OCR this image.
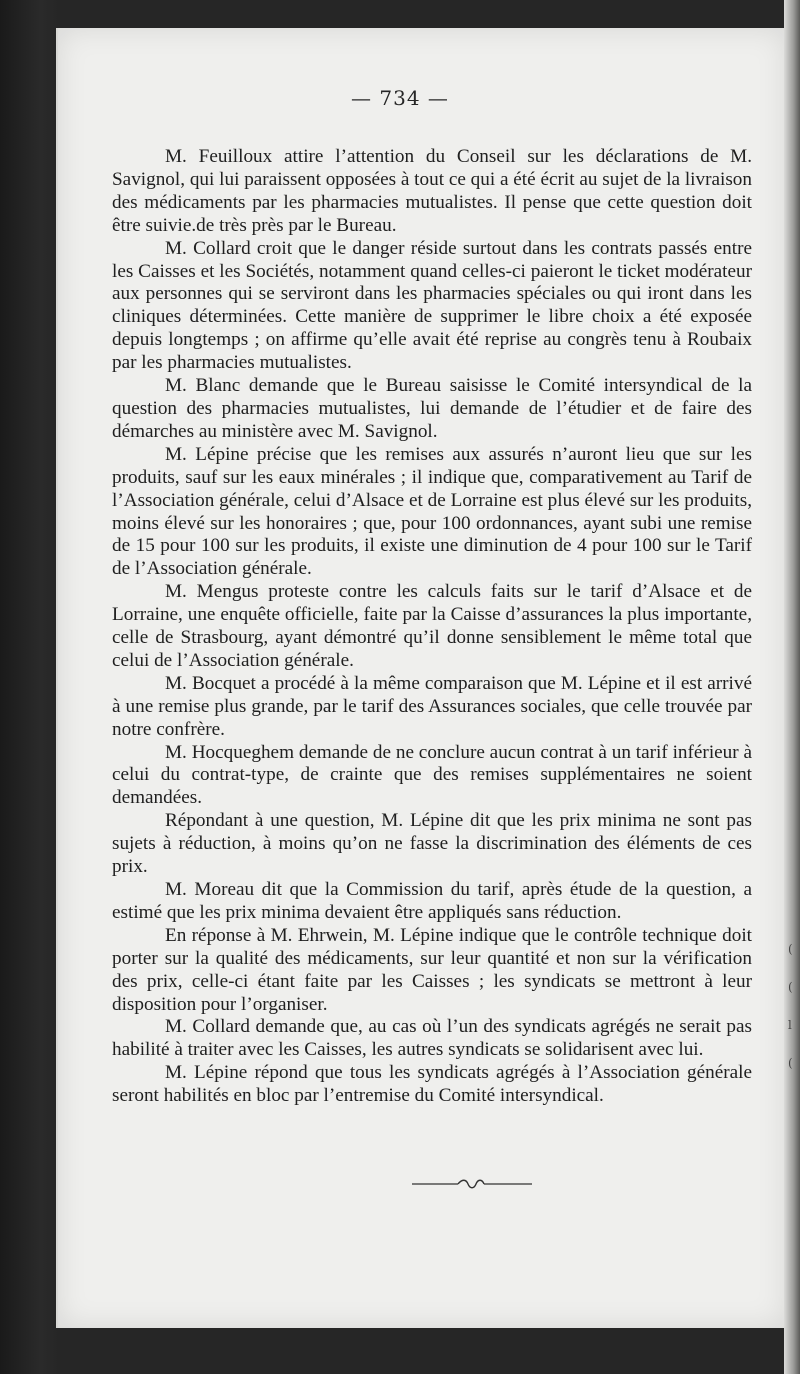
— 734 —

M. Feuilloux attire l’attention du Conseil sur les déclarations de M. Savignol, qui lui paraissent opposées à tout ce qui a été écrit au sujet de la livraison des médicaments par les pharmacies mutualistes. Il pense que cette question doit être suivie.de très près par le Bureau.

M. Collard croit que le danger réside surtout dans les contrats passés entre les Caisses et les Sociétés, notamment quand celles-ci paieront le ticket modérateur aux personnes qui se serviront dans les pharmacies spéciales ou qui iront dans les cliniques déterminées. Cette manière de supprimer le libre choix a été exposée depuis longtemps ; on affirme qu’elle avait été reprise au congrès tenu à Roubaix par les pharmacies mutualistes.

M. Blanc demande que le Bureau saisisse le Comité intersyndical de la question des pharmacies mutualistes, lui demande de l’étudier et de faire des démarches au ministère avec M. Savignol.

M. Lépine précise que les remises aux assurés n’auront lieu que sur les produits, sauf sur les eaux minérales ; il indique que, comparativement au Tarif de l’Association générale, celui d’Alsace et de Lorraine est plus élevé sur les produits, moins élevé sur les honoraires ; que, pour 100 ordonnances, ayant subi une remise de 15 pour 100 sur les produits, il existe une diminution de 4 pour 100 sur le Tarif de l’Association générale.

M. Mengus proteste contre les calculs faits sur le tarif d’Alsace et de Lorraine, une enquête officielle, faite par la Caisse d’assurances la plus importante, celle de Strasbourg, ayant démontré qu’il donne sensiblement le même total que celui de l’Association générale.

M. Bocquet a procédé à la même comparaison que M. Lépine et il est arrivé à une remise plus grande, par le tarif des Assurances sociales, que celle trouvée par notre confrère.

M. Hocqueghem demande de ne conclure aucun contrat à un tarif inférieur à celui du contrat-type, de crainte que des remises supplémentaires ne soient demandées.

Répondant à une question, M. Lépine dit que les prix minima ne sont pas sujets à réduction, à moins qu’on ne fasse la discrimination des éléments de ces prix.

M. Moreau dit que la Commission du tarif, après étude de la question, a estimé que les prix minima devaient être appliqués sans réduction.

En réponse à M. Ehrwein, M. Lépine indique que le contrôle technique doit porter sur la qualité des médicaments, sur leur quantité et non sur la vérification des prix, celle-ci étant faite par les Caisses ; les syndicats se mettront à leur disposition pour l’organiser.

M. Collard demande que, au cas où l’un des syndicats agrégés ne serait pas habilité à traiter avec les Caisses, les autres syndicats se solidarisent avec lui.

M. Lépine répond que tous les syndicats agrégés à l’Association générale seront habilités en bloc par l’entremise du Comité intersyndical.

(
(
l
(
